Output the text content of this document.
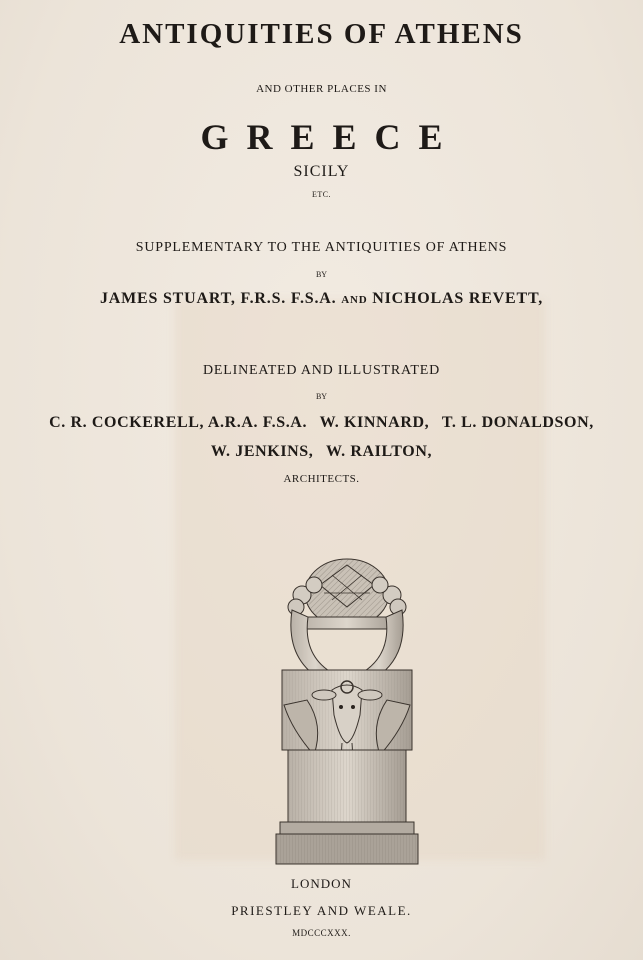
ANTIQUITIES OF ATHENS
AND OTHER PLACES IN
GREECE
SICILY
ETC.
SUPPLEMENTARY TO THE ANTIQUITIES OF ATHENS
BY
JAMES STUART, F.R.S. F.S.A. AND NICHOLAS REVETT,
DELINEATED AND ILLUSTRATED
BY
C. R. COCKERELL, A.R.A. F.S.A. W. KINNARD, T. L. DONALDSON,
W. JENKINS, W. RAILTON,
ARCHITECTS.
LONDON
PRIESTLEY AND WEALE.
MDCCCXXX.
